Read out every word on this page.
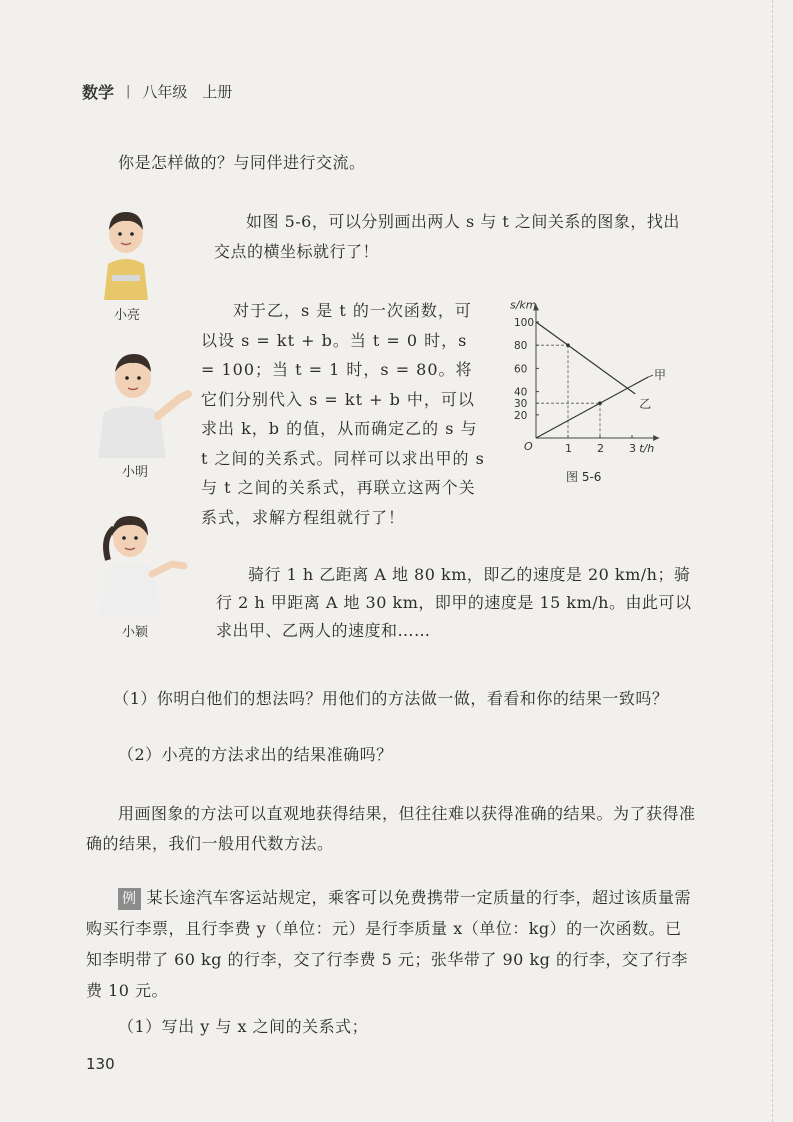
数学 | 八年级　上册
你是怎样做的？与同伴进行交流。
小亮
如图 5-6，可以分别画出两人 s 与 t 之间关系的图象，找出交点的横坐标就行了！
小明
对于乙，s 是 t 的一次函数，可以设 s = kt + b。当 t = 0 时，s = 100；当 t = 1 时，s = 80。将它们分别代入 s = kt + b 中，可以求出 k，b 的值，从而确定乙的 s 与 t 之间的关系式。同样可以求出甲的 s 与 t 之间的关系式，再联立这两个关系式，求解方程组就行了！
s/km
t/h
O	1 2 3
20
30
40
60
80
100
甲
乙
图 5-6
小颖
骑行 1 h 乙距离 A 地 80 km，即乙的速度是 20 km/h；骑行 2 h 甲距离 A 地 30 km，即甲的速度是 15 km/h。由此可以求出甲、乙两人的速度和……
（1）你明白他们的想法吗？用他们的方法做一做，看看和你的结果一致吗？
（2）小亮的方法求出的结果准确吗？
用画图象的方法可以直观地获得结果，但往往难以获得准确的结果。为了获得准确的结果，我们一般用代数方法。
例 某长途汽车客运站规定，乘客可以免费携带一定质量的行李，超过该质量需购买行李票，且行李费 y（单位：元）是行李质量 x（单位：kg）的一次函数。已知李明带了 60 kg 的行李，交了行李费 5 元；张华带了 90 kg 的行李，交了行李费 10 元。
（1）写出 y 与 x 之间的关系式；
130
